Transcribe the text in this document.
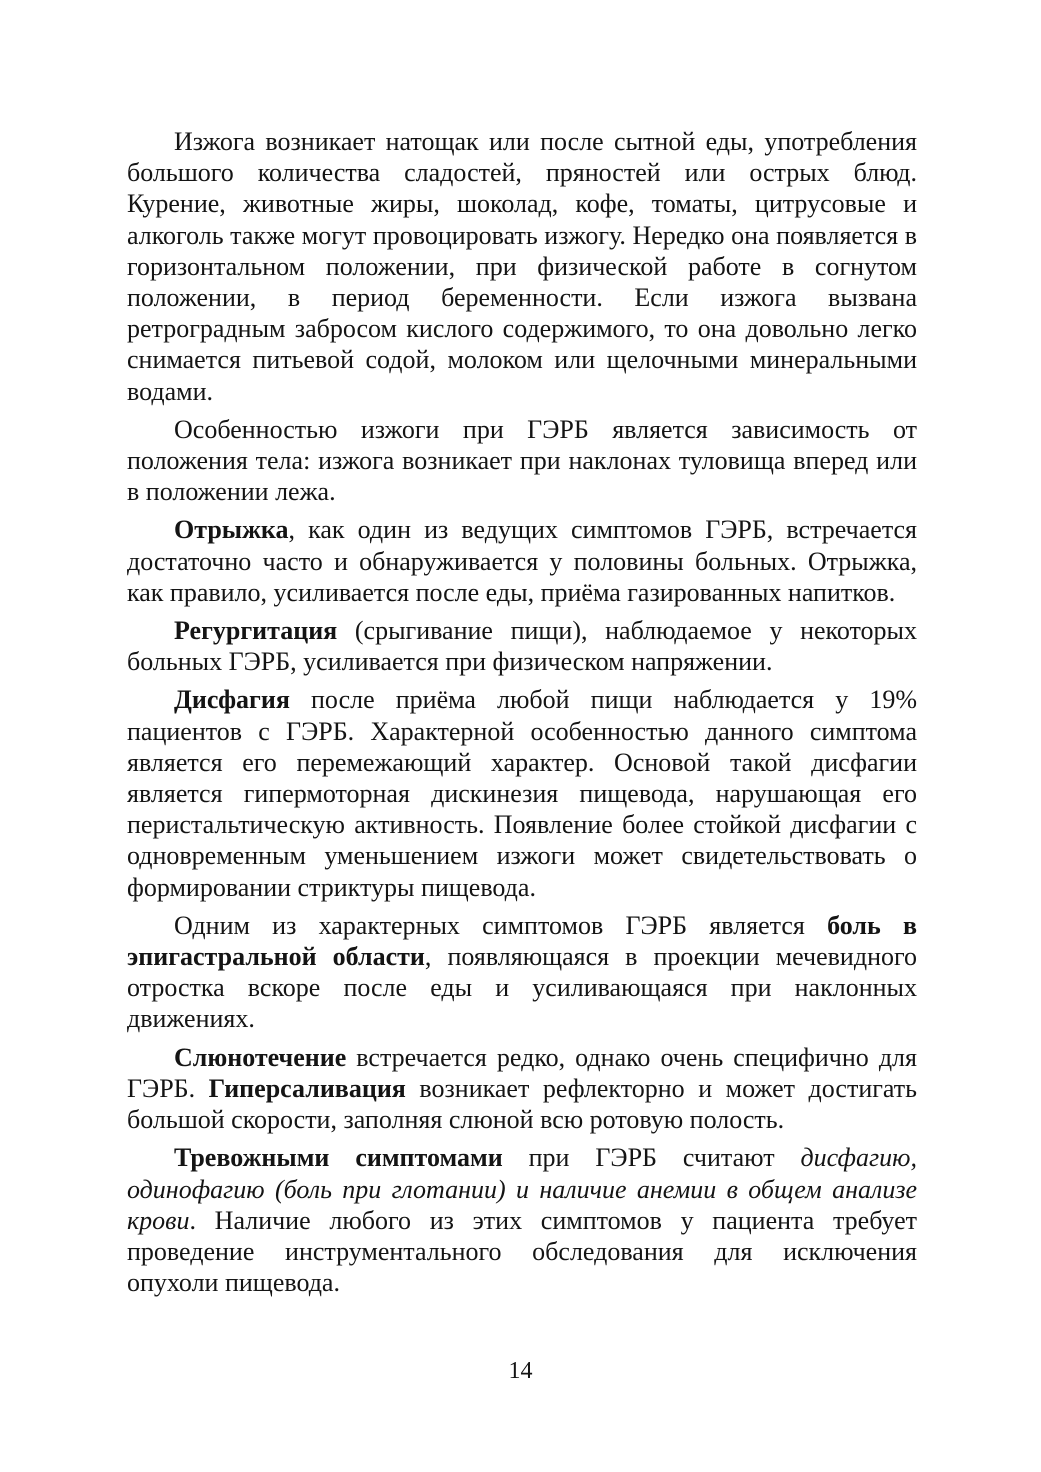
Изжога возникает натощак или после сытной еды, употребления большого количества сладостей, пряностей или острых блюд. Курение, животные жиры, шоколад, кофе, томаты, цитрусовые и алкоголь также могут провоцировать изжогу. Нередко она появляется в горизонтальном положении, при физической работе в согнутом положении, в период беременности. Если изжога вызвана ретроградным забросом кислого содержимого, то она довольно легко снимается питьевой содой, молоком или щелочными минеральными водами.

Особенностью изжоги при ГЭРБ является зависимость от положения тела: изжога возникает при наклонах туловища вперед или в положении лежа.

Отрыжка, как один из ведущих симптомов ГЭРБ, встречается достаточно часто и обнаруживается у половины больных. Отрыжка, как правило, усиливается после еды, приёма газированных напитков.

Регургитация (срыгивание пищи), наблюдаемое у некоторых больных ГЭРБ, усиливается при физическом напряжении.

Дисфагия после приёма любой пищи наблюдается у 19% пациентов с ГЭРБ. Характерной особенностью данного симптома является его перемежающий характер. Основой такой дисфагии является гипермоторная дискинезия пищевода, нарушающая его перистальтическую активность. Появление более стойкой дисфагии с одновременным уменьшением изжоги может свидетельствовать о формировании стриктуры пищевода.

Одним из характерных симптомов ГЭРБ является боль в эпигастральной области, появляющаяся в проекции мечевидного отростка вскоре после еды и усиливающаяся при наклонных движениях.

Слюнотечение встречается редко, однако очень специфично для ГЭРБ. Гиперсаливация возникает рефлекторно и может достигать большой скорости, заполняя слюной всю ротовую полость.

Тревожными симптомами при ГЭРБ считают дисфагию, одинофагию (боль при глотании) и наличие анемии в общем анализе крови. Наличие любого из этих симптомов у пациента требует проведение инструментального обследования для исключения опухоли пищевода.

14
